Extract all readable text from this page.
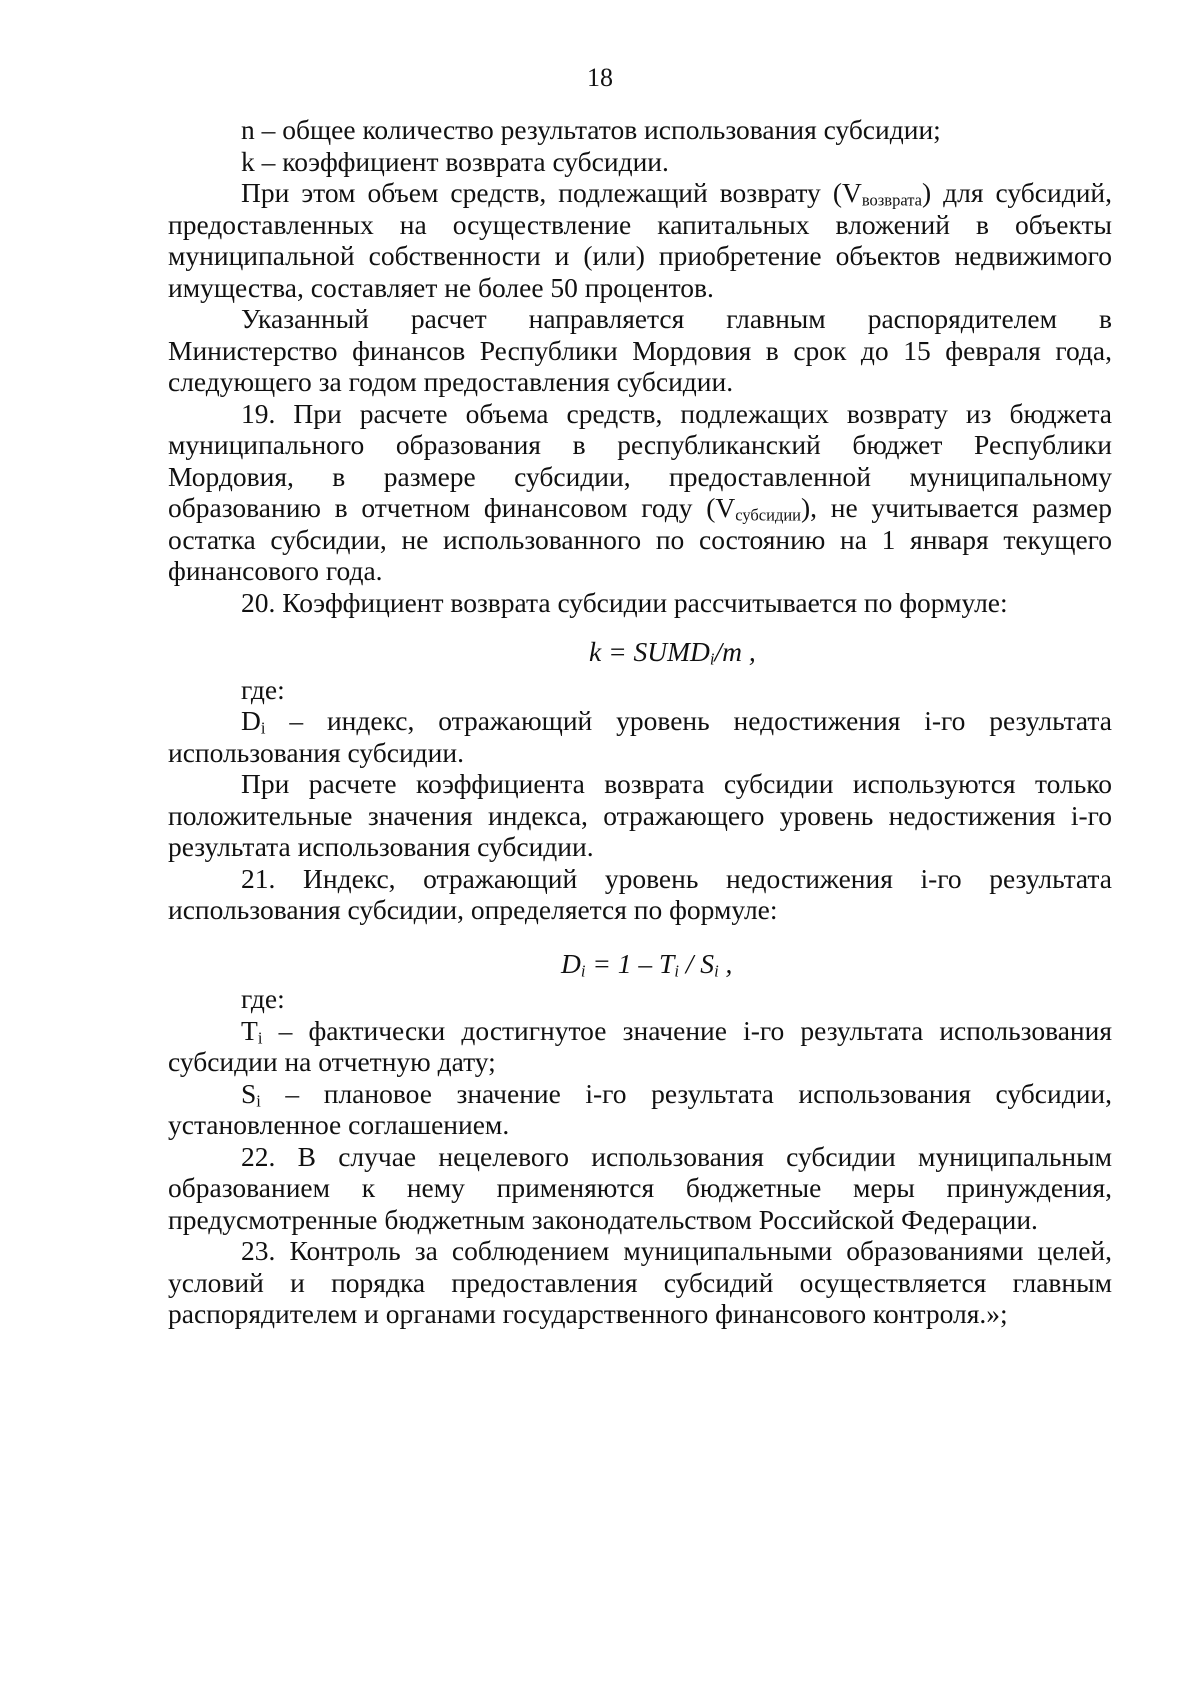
18

n – общее количество результатов использования субсидии;

k – коэффициент возврата субсидии.

При этом объем средств, подлежащий возврату $(V_{возврата})$ для субсидий, предоставленных на осуществление капитальных вложений в объекты муниципальной собственности и (или) приобретение объектов недвижимого имущества, составляет не более 50 процентов.

Указанный расчет направляется главным распорядителем в Министерство финансов Республики Мордовия в срок до 15 февраля года, следующего за годом предоставления субсидии.

19. При расчете объема средств, подлежащих возврату из бюджета муниципального образования в республиканский бюджет Республики Мордовия, в размере субсидии, предоставленной муниципальному образованию в отчетном финансовом году $(V_{субсидии})$, не учитывается размер остатка субсидии, не использованного по состоянию на 1 января текущего финансового года.

20. Коэффициент возврата субсидии рассчитывается по формуле:

$k = SUMD_i/m$ ,

где:

$D_i$ – индекс, отражающий уровень недостижения i-го результата использования субсидии.

При расчете коэффициента возврата субсидии используются только положительные значения индекса, отражающего уровень недостижения i-го результата использования субсидии.

21. Индекс, отражающий уровень недостижения i-го результата использования субсидии, определяется по формуле:

$D_i = 1 - T_i / S_i$ ,

где:

$T_i$ – фактически достигнутое значение i-го результата использования субсидии на отчетную дату;

$S_i$ – плановое значение i-го результата использования субсидии, установленное соглашением.

22. В случае нецелевого использования субсидии муниципальным образованием к нему применяются бюджетные меры принуждения, предусмотренные бюджетным законодательством Российской Федерации.

23. Контроль за соблюдением муниципальными образованиями целей, условий и порядка предоставления субсидий осуществляется главным распорядителем и органами государственного финансового контроля.»;
